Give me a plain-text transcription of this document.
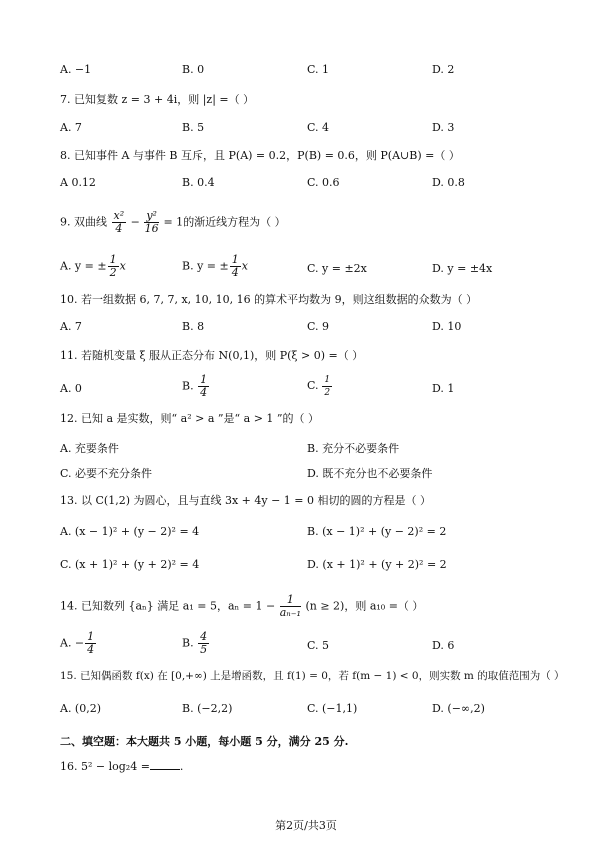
A. −1	B. 0	C. 1	D. 2
7. 已知复数 z = 3 + 4i，则 |z| =（ ）
A. 7	B. 5	C. 4	D. 3
8. 已知事件 A 与事件 B 互斥，且 P(A) = 0.2，P(B) = 0.6，则 P(A∪B) =（ ）
A 0.12	B. 0.4	C. 0.6	D. 0.8
9. 双曲线 $\frac{\text{x²}}{4} - \frac{\text{y²}}{16} = 1$的渐近线方程为（ ）
A. y = ± $\frac{1}{2}$ x	B. y = ± $\frac{1}{4}$ x	C. y = ±2x	D. y = ±4x
10. 若一组数据 6, 7, 7, x, 10, 10, 16 的算术平均数为 9，则这组数据的众数为（ ）
A. 7	B. 8	C. 9	D. 10
11. 若随机变量 ξ 服从正态分布 N(0,1)，则 P(ξ > 0) =（ ）
A. 0	B. $\frac{1}{4}$	C. $\frac{1}{2}$	D. 1
12. 已知 a 是实数，则“ a² > a ”是“ a > 1 ”的（ ）
A. 充要条件	B. 充分不必要条件
C. 必要不充分条件	D. 既不充分也不必要条件
13. 以 C(1,2) 为圆心，且与直线 3x + 4y − 1 = 0 相切的圆的方程是（ ）
A. (x − 1)² + (y − 2)² = 4	B. (x − 1)² + (y − 2)² = 2
C. (x + 1)² + (y + 2)² = 4	D. (x + 1)² + (y + 2)² = 2
14. 已知数列 {aₙ} 满足 a₁ = 5，$a_n = 1 - \frac{1}{\text{aₙ₋₁}} (n \ge 2)$，则 a₁₀ =（ ）
A. − $\frac{1}{4}$	B. $\frac{4}{5}$	C. 5	D. 6
15. 已知偶函数 f(x) 在 [0,+∞) 上是增函数，且 f(1) = 0，若 f(m − 1) < 0，则实数 m 的取值范围为（ ）
A. (0,2)	B. (−2,2)	C. (−1,1)	D. (−∞,2)
二、填空题：本大题共 5 小题，每小题 5 分，满分 25 分.
16. 5² − log₂4 =	.
第2页/共3页
